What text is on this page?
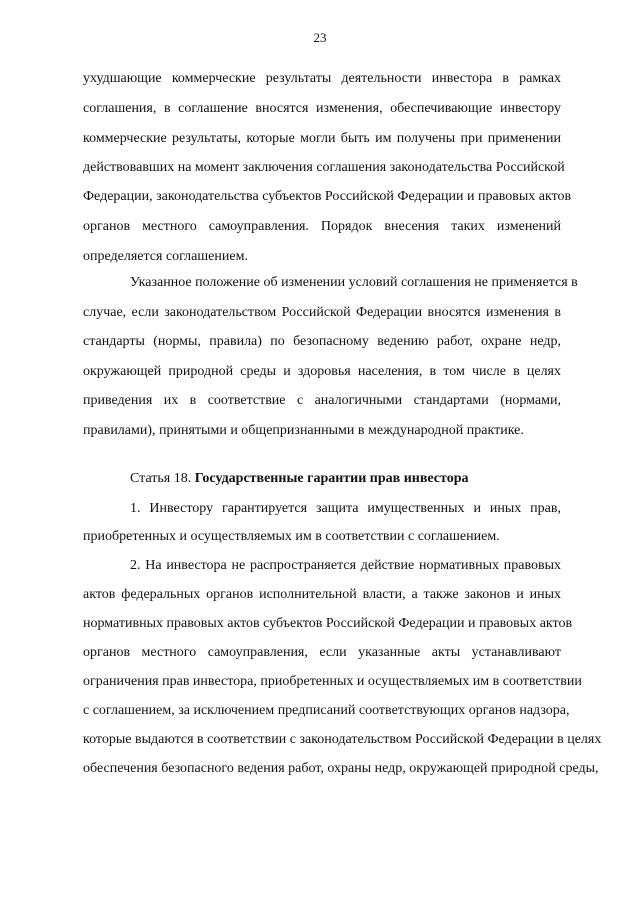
23
ухудшающие коммерческие результаты деятельности инвестора в рамках
соглашения, в соглашение вносятся изменения, обеспечивающие инвестору
коммерческие результаты, которые могли быть им получены при применении
действовавших на момент заключения соглашения законодательства Российской
Федерации, законодательства субъектов Российской Федерации и правовых актов
органов местного самоуправления. Порядок внесения таких изменений
определяется соглашением.
Указанное положение об изменении условий соглашения не применяется в
случае, если законодательством Российской Федерации вносятся изменения в
стандарты (нормы, правила) по безопасному ведению работ, охране недр,
окружающей природной среды и здоровья населения, в том числе в целях
приведения их в соответствие с аналогичными стандартами (нормами,
правилами), принятыми и общепризнанными в международной практике.
Статья 18. Государственные гарантии прав инвестора
1. Инвестору гарантируется защита имущественных и иных прав,
приобретенных и осуществляемых им в соответствии с соглашением.
2. На инвестора не распространяется действие нормативных правовых
актов федеральных органов исполнительной власти, а также законов и иных
нормативных правовых актов субъектов Российской Федерации и правовых актов
органов местного самоуправления, если указанные акты устанавливают
ограничения прав инвестора, приобретенных и осуществляемых им в соответствии
с соглашением, за исключением предписаний соответствующих органов надзора,
которые выдаются в соответствии с законодательством Российской Федерации в целях
обеспечения безопасного ведения работ, охраны недр, окружающей природной среды,
